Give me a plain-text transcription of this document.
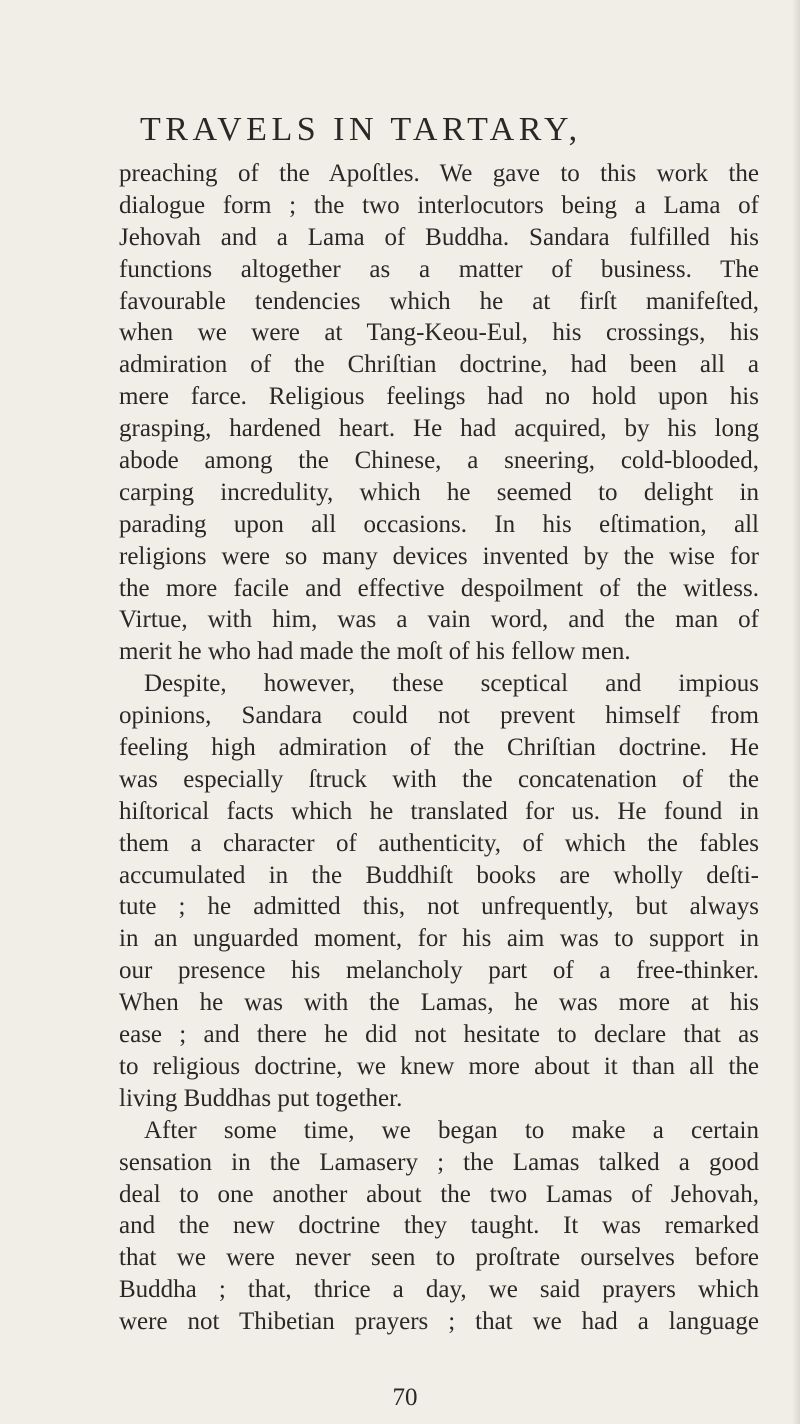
TRAVELS IN TARTARY,
preaching of the Apoſtles. We gave to this work the
dialogue form ; the two interlocutors being a Lama of
Jehovah and a Lama of Buddha. Sandara fulfilled his
functions altogether as a matter of business. The
favourable tendencies which he at firſt manifeſted,
when we were at Tang-Keou-Eul, his crossings, his
admiration of the Chriſtian doctrine, had been all a
mere farce. Religious feelings had no hold upon his
grasping, hardened heart. He had acquired, by his long
abode among the Chinese, a sneering, cold-blooded,
carping incredulity, which he seemed to delight in
parading upon all occasions. In his eſtimation, all
religions were so many devices invented by the wise for
the more facile and effective despoilment of the witless.
Virtue, with him, was a vain word, and the man of
merit he who had made the moſt of his fellow men.
Despite, however, these sceptical and impious
opinions, Sandara could not prevent himself from
feeling high admiration of the Chriſtian doctrine. He
was especially ſtruck with the concatenation of the
hiſtorical facts which he translated for us. He found in
them a character of authenticity, of which the fables
accumulated in the Buddhiſt books are wholly deſti-
tute ; he admitted this, not unfrequently, but always
in an unguarded moment, for his aim was to support in
our presence his melancholy part of a free-thinker.
When he was with the Lamas, he was more at his
ease ; and there he did not hesitate to declare that as
to religious doctrine, we knew more about it than all the
living Buddhas put together.
After some time, we began to make a certain
sensation in the Lamasery ; the Lamas talked a good
deal to one another about the two Lamas of Jehovah,
and the new doctrine they taught. It was remarked
that we were never seen to proſtrate ourselves before
Buddha ; that, thrice a day, we said prayers which
were not Thibetian prayers ; that we had a language
70
